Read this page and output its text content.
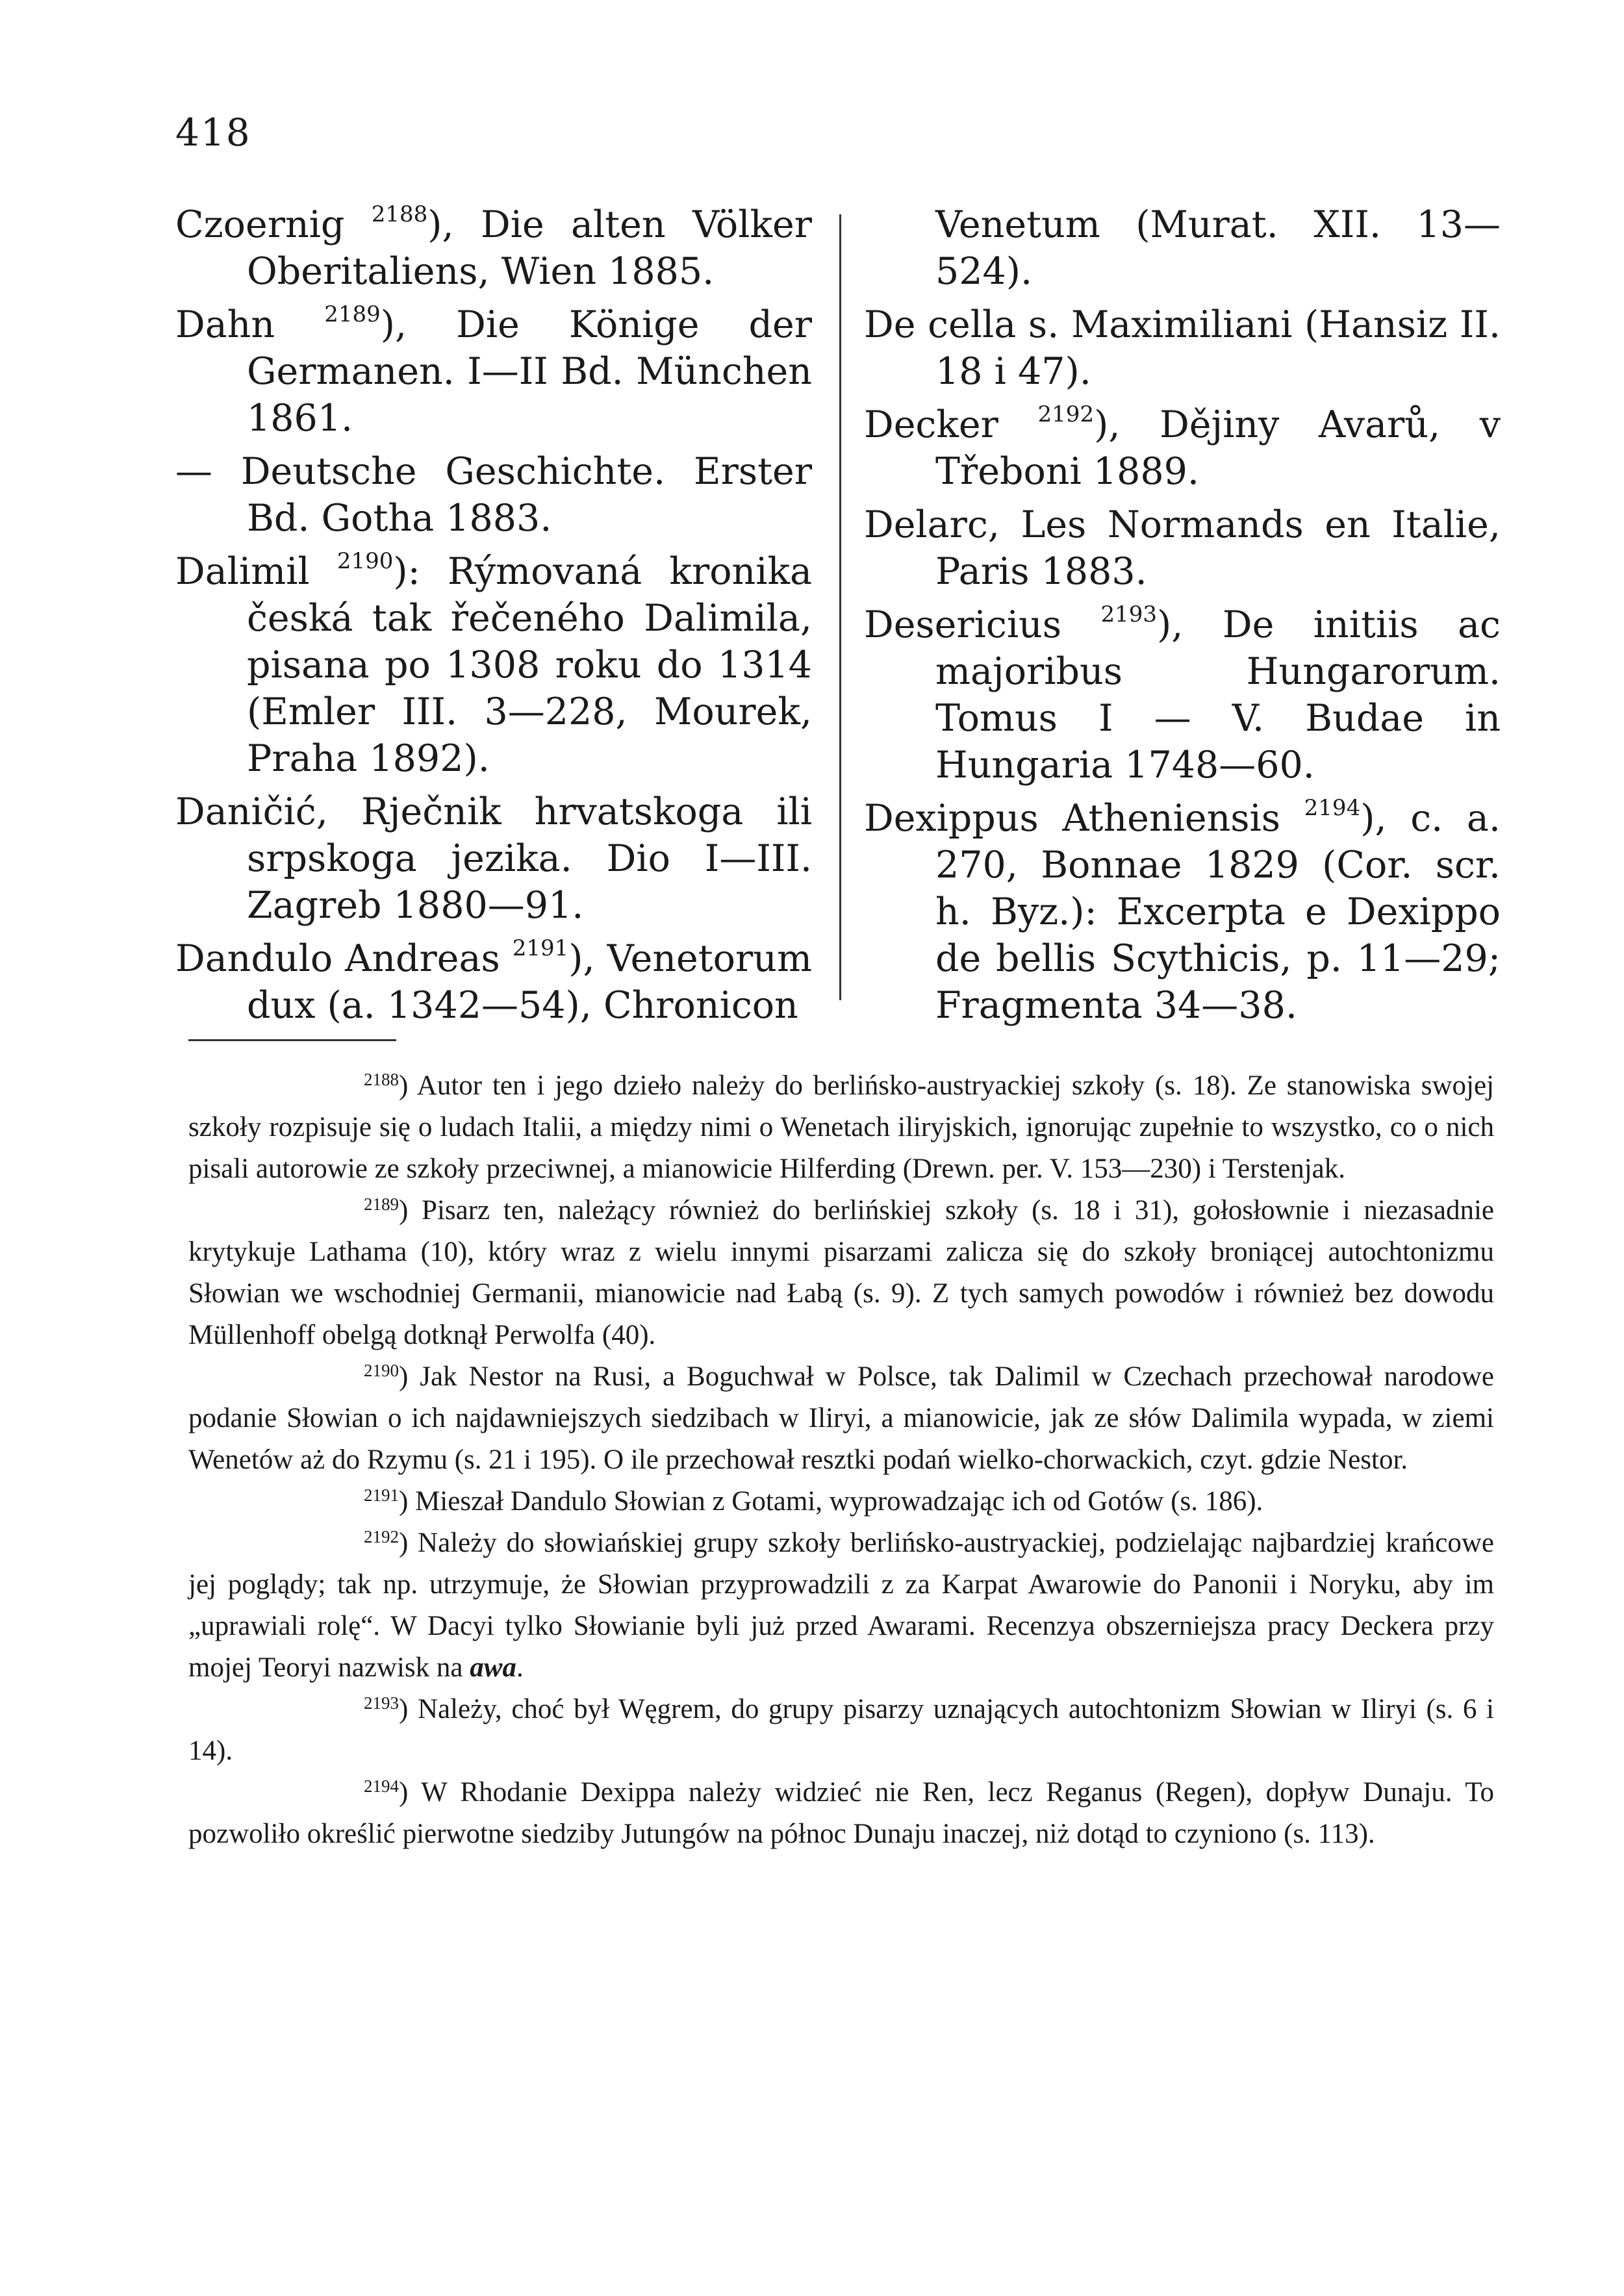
418

Czoernig $^{2188}$), Die alten Völker Oberitaliens, Wien 1885.

Dahn $^{2189}$), Die Könige der Germanen. I—II Bd. München 1861.

— Deutsche Geschichte. Erster Bd. Gotha 1883.

Dalimil $^{2190}$): Rýmovaná kronika česká tak řečeného Dalimila, pisana po 1308 roku do 1314 (Emler III. 3—228, Mourek, Praha 1892).

Daničić, Rječnik hrvatskoga ili srpskoga jezika. Dio I—III. Zagreb 1880—91.

Dandulo Andreas $^{2191}$), Venetorum dux (a. 1342—54), Chronicon

Venetum (Murat. XII. 13—524).

De cella s. Maximiliani (Hansiz II. 18 i 47).

Decker $^{2192}$), Dějiny Avarů, v Třeboni 1889.

Delarc, Les Normands en Italie, Paris 1883.

Desericius $^{2193}$), De initiis ac majoribus Hungarorum. Tomus I — V. Budae in Hungaria 1748—60.

Dexippus Atheniensis $^{2194}$), c. a. 270, Bonnae 1829 (Cor. scr. h. Byz.): Excerpta e Dexippo de bellis Scythicis, p. 11—29; Fragmenta 34—38.

$^{2188}$) Autor ten i jego dzieło należy do berlińsko-austryackiej szkoły (s. 18). Ze stanowiska swojej szkoły rozpisuje się o ludach Italii, a między nimi o Wenetach iliryjskich, ignorując zupełnie to wszystko, co o nich pisali autorowie ze szkoły przeciwnej, a mianowicie Hilferding (Drewn. per. V. 153—230) i Terstenjak.

$^{2189}$) Pisarz ten, należący również do berlińskiej szkoły (s. 18 i 31), gołosłownie i niezasadnie krytykuje Lathama (10), który wraz z wielu innymi pisarzami zalicza się do szkoły broniącej autochtonizmu Słowian we wschodniej Germanii, mianowicie nad Łabą (s. 9). Z tych samych powodów i również bez dowodu Müllenhoff obelgą dotknął Perwolfa (40).

$^{2190}$) Jak Nestor na Rusi, a Boguchwał w Polsce, tak Dalimil w Czechach przechował narodowe podanie Słowian o ich najdawniejszych siedzibach w Iliryi, a mianowicie, jak ze słów Dalimila wypada, w ziemi Wenetów aż do Rzymu (s. 21 i 195). O ile przechował resztki podań wielko-chorwackich, czyt. gdzie Nestor.

$^{2191}$) Mieszał Dandulo Słowian z Gotami, wyprowadzając ich od Gotów (s. 186).

$^{2192}$) Należy do słowiańskiej grupy szkoły berlińsko-austryackiej, podzielając najbardziej krańcowe jej poglądy; tak np. utrzymuje, że Słowian przyprowadzili z za Karpat Awarowie do Panonii i Noryku, aby im „uprawiali rolę“. W Dacyi tylko Słowianie byli już przed Awarami. Recenzya obszerniejsza pracy Deckera przy mojej Teoryi nazwisk na awa.

$^{2193}$) Należy, choć był Węgrem, do grupy pisarzy uznających autochtonizm Słowian w Iliryi (s. 6 i 14).

$^{2194}$) W Rhodanie Dexippa należy widzieć nie Ren, lecz Reganus (Regen), dopływ Dunaju. To pozwoliło określić pierwotne siedziby Jutungów na północ Dunaju inaczej, niż dotąd to czyniono (s. 113).
